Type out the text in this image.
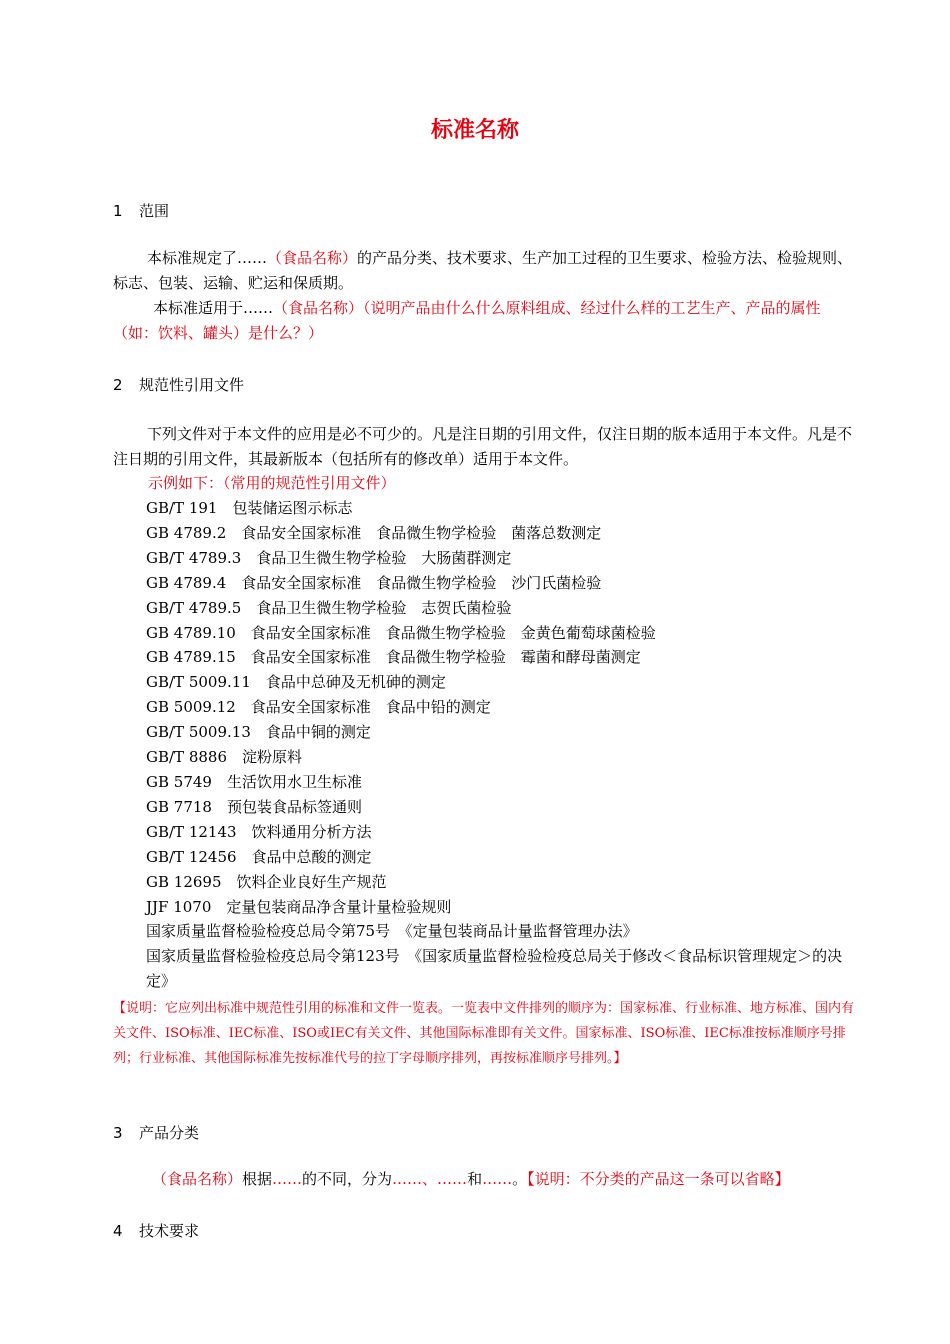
标准名称
1 范围
本标准规定了……（食品名称）的产品分类、技术要求、生产加工过程的卫生要求、检验方法、检验规则、标志、包装、运输、贮运和保质期。
本标准适用于……（食品名称）（说明产品由什么什么原料组成、经过什么样的工艺生产、产品的属性（如：饮料、罐头）是什么？）
2 规范性引用文件
下列文件对于本文件的应用是必不可少的。凡是注日期的引用文件，仅注日期的版本适用于本文件。凡是不注日期的引用文件，其最新版本（包括所有的修改单）适用于本文件。
示例如下：（常用的规范性引用文件）
GB/T 191　包装储运图示标志
GB 4789.2　食品安全国家标准　食品微生物学检验　菌落总数测定
GB/T 4789.3　食品卫生微生物学检验　大肠菌群测定
GB 4789.4　食品安全国家标准　食品微生物学检验　沙门氏菌检验
GB/T 4789.5　食品卫生微生物学检验　志贺氏菌检验
GB 4789.10　食品安全国家标准　食品微生物学检验　金黄色葡萄球菌检验
GB 4789.15　食品安全国家标准　食品微生物学检验　霉菌和酵母菌测定
GB/T 5009.11　食品中总砷及无机砷的测定
GB 5009.12　食品安全国家标准　食品中铅的测定
GB/T 5009.13　食品中铜的测定
GB/T 8886　淀粉原料
GB 5749　生活饮用水卫生标准
GB 7718　预包装食品标签通则
GB/T 12143　饮料通用分析方法
GB/T 12456　食品中总酸的测定
GB 12695　饮料企业良好生产规范
JJF 1070　定量包装商品净含量计量检验规则
国家质量监督检验检疫总局令第75号　《定量包装商品计量监督管理办法》
国家质量监督检验检疫总局令第123号　《国家质量监督检验检疫总局关于修改＜食品标识管理规定＞的决定》
【说明：它应列出标准中规范性引用的标准和文件一览表。一览表中文件排列的顺序为：国家标准、行业标准、地方标准、国内有关文件、ISO标准、IEC标准、ISO或IEC有关文件、其他国际标准即有关文件。国家标准、ISO标准、IEC标准按标准顺序号排列；行业标准、其他国际标准先按标准代号的拉丁字母顺序排列，再按标准顺序号排列。】
3 产品分类
（食品名称）根据……的不同，分为……、……和……。【说明：不分类的产品这一条可以省略】
4 技术要求
